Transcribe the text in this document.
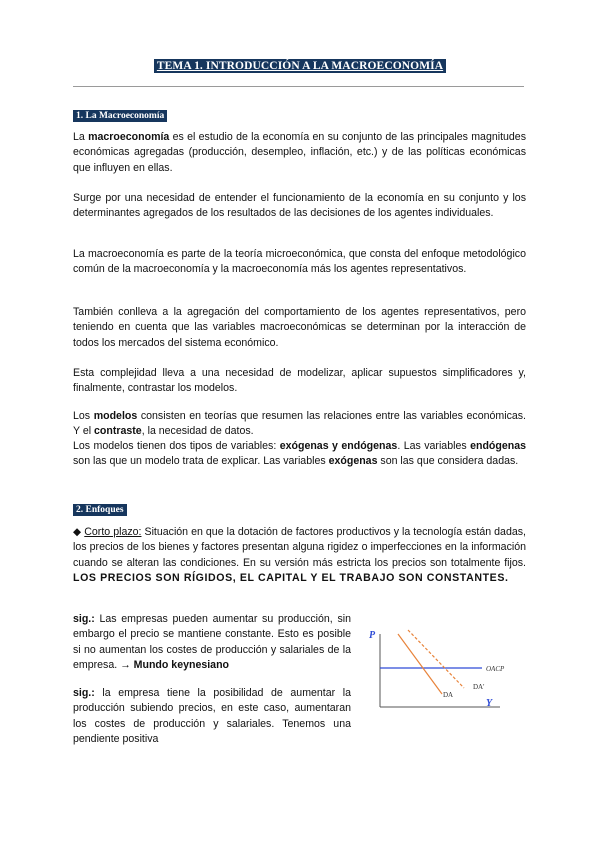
TEMA 1. INTRODUCCIÓN A LA MACROECONOMÍA
1. La Macroeconomía

La macroeconomía es el estudio de la economía en su conjunto de las principales magnitudes económicas agregadas (producción, desempleo, inflación, etc.) y de las políticas económicas que influyen en ellas.

Surge por una necesidad de entender el funcionamiento de la economía en su conjunto y los determinantes agregados de los resultados de las decisiones de los agentes individuales.

La macroeconomía es parte de la teoría microeconómica, que consta del enfoque metodológico común de la macroeconomía y la macroeconomía más los agentes representativos.

También conlleva a la agregación del comportamiento de los agentes representativos, pero teniendo en cuenta que las variables macroeconómicas se determinan por la interacción de todos los mercados del sistema económico.

Esta complejidad lleva a una necesidad de modelizar, aplicar supuestos simplificadores y, finalmente, contrastar los modelos.

Los modelos consisten en teorías que resumen las relaciones entre las variables económicas. Y el contraste, la necesidad de datos.

Los modelos tienen dos tipos de variables: exógenas y endógenas. Las variables endógenas son las que un modelo trata de explicar. Las variables exógenas son las que considera dadas.

2. Enfoques

◆ Corto plazo: Situación en que la dotación de factores productivos y la tecnología están dadas, los precios de los bienes y factores presentan alguna rigidez o imperfecciones en la información cuando se alteran las condiciones. En su versión más estricta los precios son totalmente fijos. LOS PRECIOS SON RÍGIDOS, EL CAPITAL Y EL TRABAJO SON CONSTANTES.

sig.: Las empresas pueden aumentar su producción, sin embargo el precio se mantiene constante. Esto es posible si no aumentan los costes de producción y salariales de la empresa. → Mundo keynesiano

sig.: la empresa tiene la posibilidad de aumentar la producción subiendo precios, en este caso, aumentaran los costes de producción y salariales. Tenemos una pendiente positiva

P
Y
OACP
DA'
DA
